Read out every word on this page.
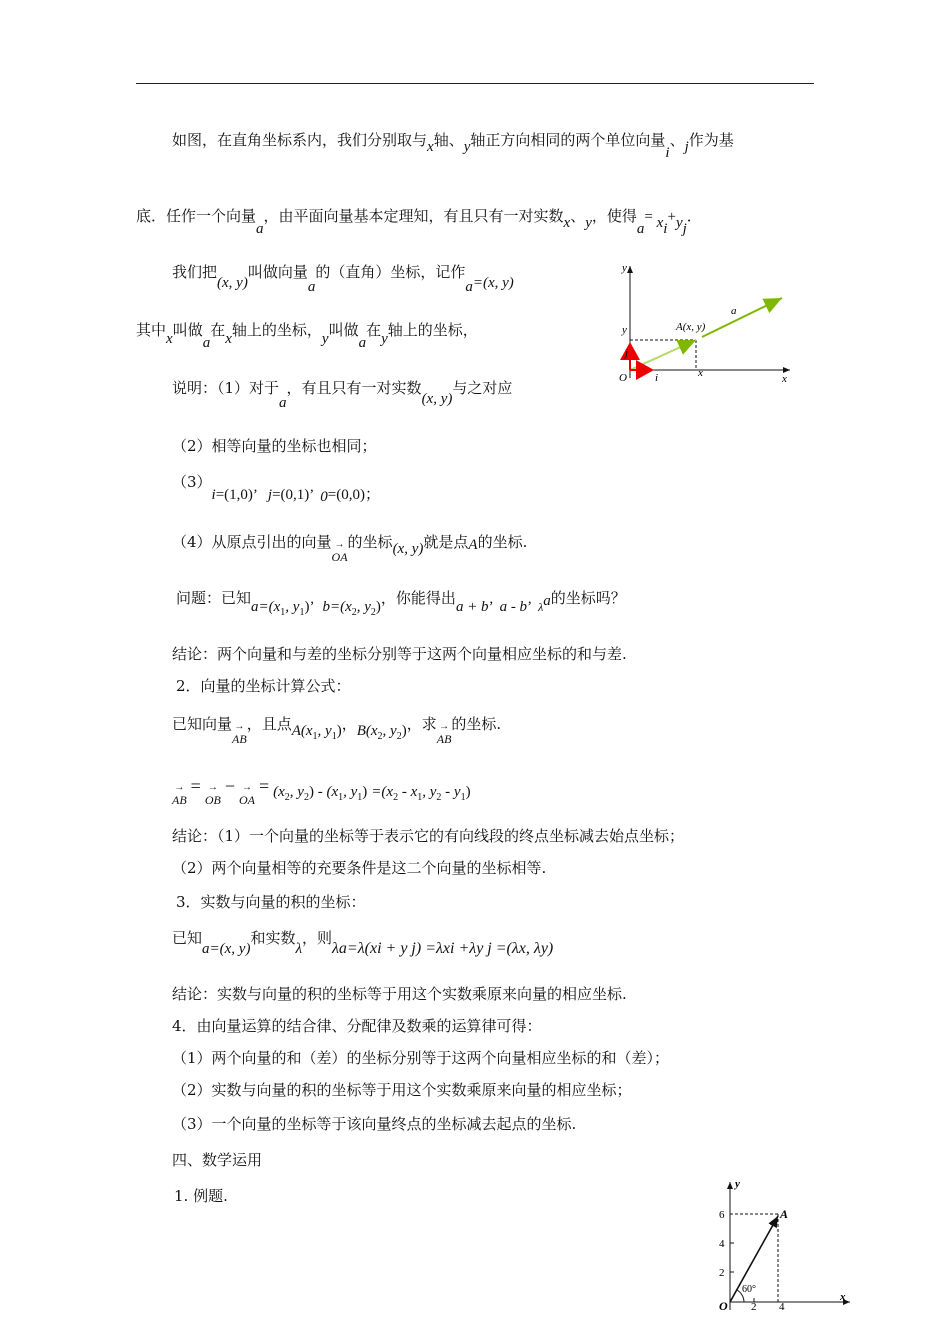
如图，在直角坐标系内，我们分别取与x轴、y轴正方向相同的两个单位向量i、j作为基
底．任作一个向量a，由平面向量基本定理知，有且只有一对实数x、y，使得a= xi+yj．
我们把(x, y)叫做向量a的（直角）坐标，记作a=(x, y)
其中x叫做a在x轴上的坐标，y叫做a在y轴上的坐标，
y
x
O	i
j
a
A(x, y)
y
x
说明：（1）对于a，有且只有一对实数(x, y)与之对应
（2）相等向量的坐标也相同；
（3）i=(1,0)’ j=(0,1)’ 0=(0,0)；
（4）从原点引出的向量→ OA的坐标(x, y)就是点A的坐标.
问题：已知$a=(x_1$, $y_1$)’ $b=(x_2$, $y_2$)，你能得出a + b’ a - b’ $_\lambda$a的坐标吗？
结论：两个向量和与差的坐标分别等于这两个向量相应坐标的和与差.
2．向量的坐标计算公式：
已知向量→ AB，且点$A(x_1$, $y_1$)，$B(x_2$, $y_2$)，求→ AB的坐标.
→ $AB=\to OB-\to OA= (x_2$, $y_2) - (x_1$, $y_1) =(x_2 - x_1$, $y_2 - y_1$)
结论：（1）一个向量的坐标等于表示它的有向线段的终点坐标减去始点坐标；
（2）两个向量相等的充要条件是这二个向量的坐标相等.
3．实数与向量的积的坐标：
已知a=(x, y)和实数λ，则λa=λ(xi + y j) =λxi +λy j =(λx, λy)
结论：实数与向量的积的坐标等于用这个实数乘原来向量的相应坐标.
4．由向量运算的结合律、分配律及数乘的运算律可得：
（1）两个向量的和（差）的坐标分别等于这两个向量相应坐标的和（差）；
（2）实数与向量的积的坐标等于用这个实数乘原来向量的相应坐标；
（3）一个向量的坐标等于该向量终点的坐标减去起点的坐标.
四、数学运用
1. 例题.
y
x
O
A
60°
6
4
2
2 4
